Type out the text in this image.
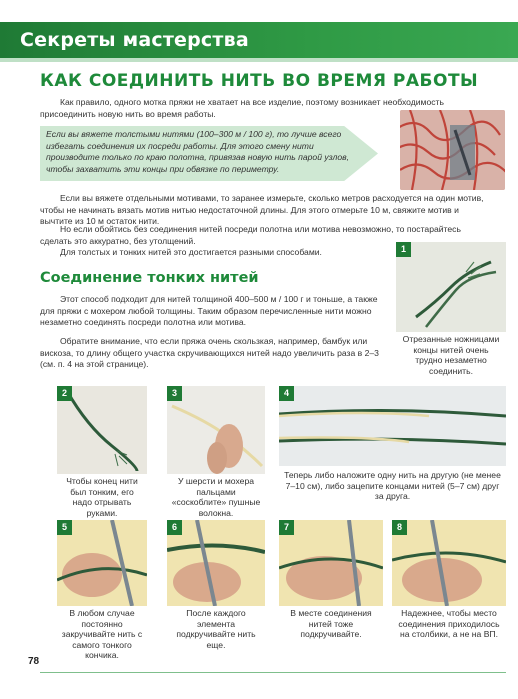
Секреты мастерства
КАК СОЕДИНИТЬ НИТЬ ВО ВРЕМЯ РАБОТЫ

Как правило, одного мотка пряжи не хватает на все изделие, поэтому возникает необходимость присоединить новую нить во время работы.

Если вы вяжете толстыми нитями (100–300 м / 100 г), то лучше всего избегать соединения их посреди работы. Для этого смену нити производите только по краю полотна, привязав новую нить парой узлов, чтобы захватить эти концы при обвязке по периметру.

Если вы вяжете отдельными мотивами, то заранее измерьте, сколько метров расходуется на один мотив, чтобы не начинать вязать мотив нитью недостаточной длины. Для этого отмерьте 10 м, свяжите мотив и вычтите из 10 м остаток нити.

Но если обойтись без соединения нитей посреди полотна или мотива невозможно, то постарайтесь сделать это аккуратно, без утолщений.

Для толстых и тонких нитей это достигается разными способами.

Соединение тонких нитей

Этот способ подходит для нитей толщиной 400–500 м / 100 г и тоньше, а также для пряжи с мохером любой толщины. Таким образом перечисленные нити можно незаметно соединять посреди полотна или мотива.

Обратите внимание, что если пряжа очень скользкая, например, бамбук или вискоза, то длину общего участка скручивающихся нитей надо увеличить раза в 2–3 (см. п. 4 на этой странице).

1
Отрезанные ножницами концы нитей очень трудно незаметно соединить.
2
Чтобы конец нити был тонким, его надо отрывать руками.
3
У шерсти и мохера пальцами «соскоблите» пушные волокна.
4
Теперь либо наложите одну нить на другую (не менее 7–10 см), либо зацепите концами нитей (5–7 см) друг за друга.
5
В любом случае постоянно закручивайте нить с самого тонкого кончика.
6
После каждого элемента подкручивайте нить еще.
7
В месте соединения нитей тоже подкручивайте.
8
Надежнее, чтобы место соединения приходилось на столбики, а не на ВП.
78
